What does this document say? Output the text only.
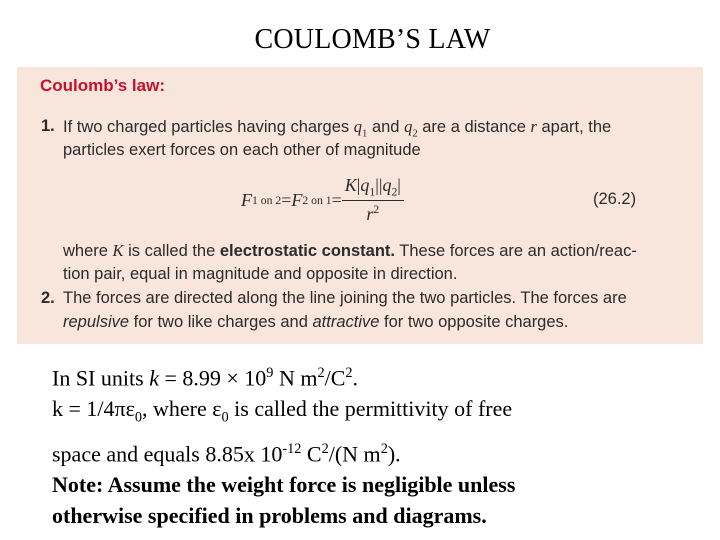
COULOMB’S LAW
Coulomb’s law:
1. If two charged particles having charges $q_1$ and $q_2$ are a distance r apart, the
particles exert forces on each other of magnitude
F 1 on 2 = F 2 on $1 = \frac{K|q_1||q_2|}{r^2}$	(26.2)
where K is called the electrostatic constant. These forces are an action/reac-
tion pair, equal in magnitude and opposite in direction.
2. The forces are directed along the line joining the two particles. The forces are
repulsive for two like charges and attractive for two opposite charges.
In SI units $k = 8.99 \times 10^9$ N $m^2/C^2$.
$k = 1/4\pi\varepsilon_0$, where $\varepsilon_0$ is called the permittivity of free
space and equals 8.85x $10^{-12}$ $C^2/(N$ $m^2$).
Note: Assume the weight force is negligible unless
otherwise specified in problems and diagrams.
